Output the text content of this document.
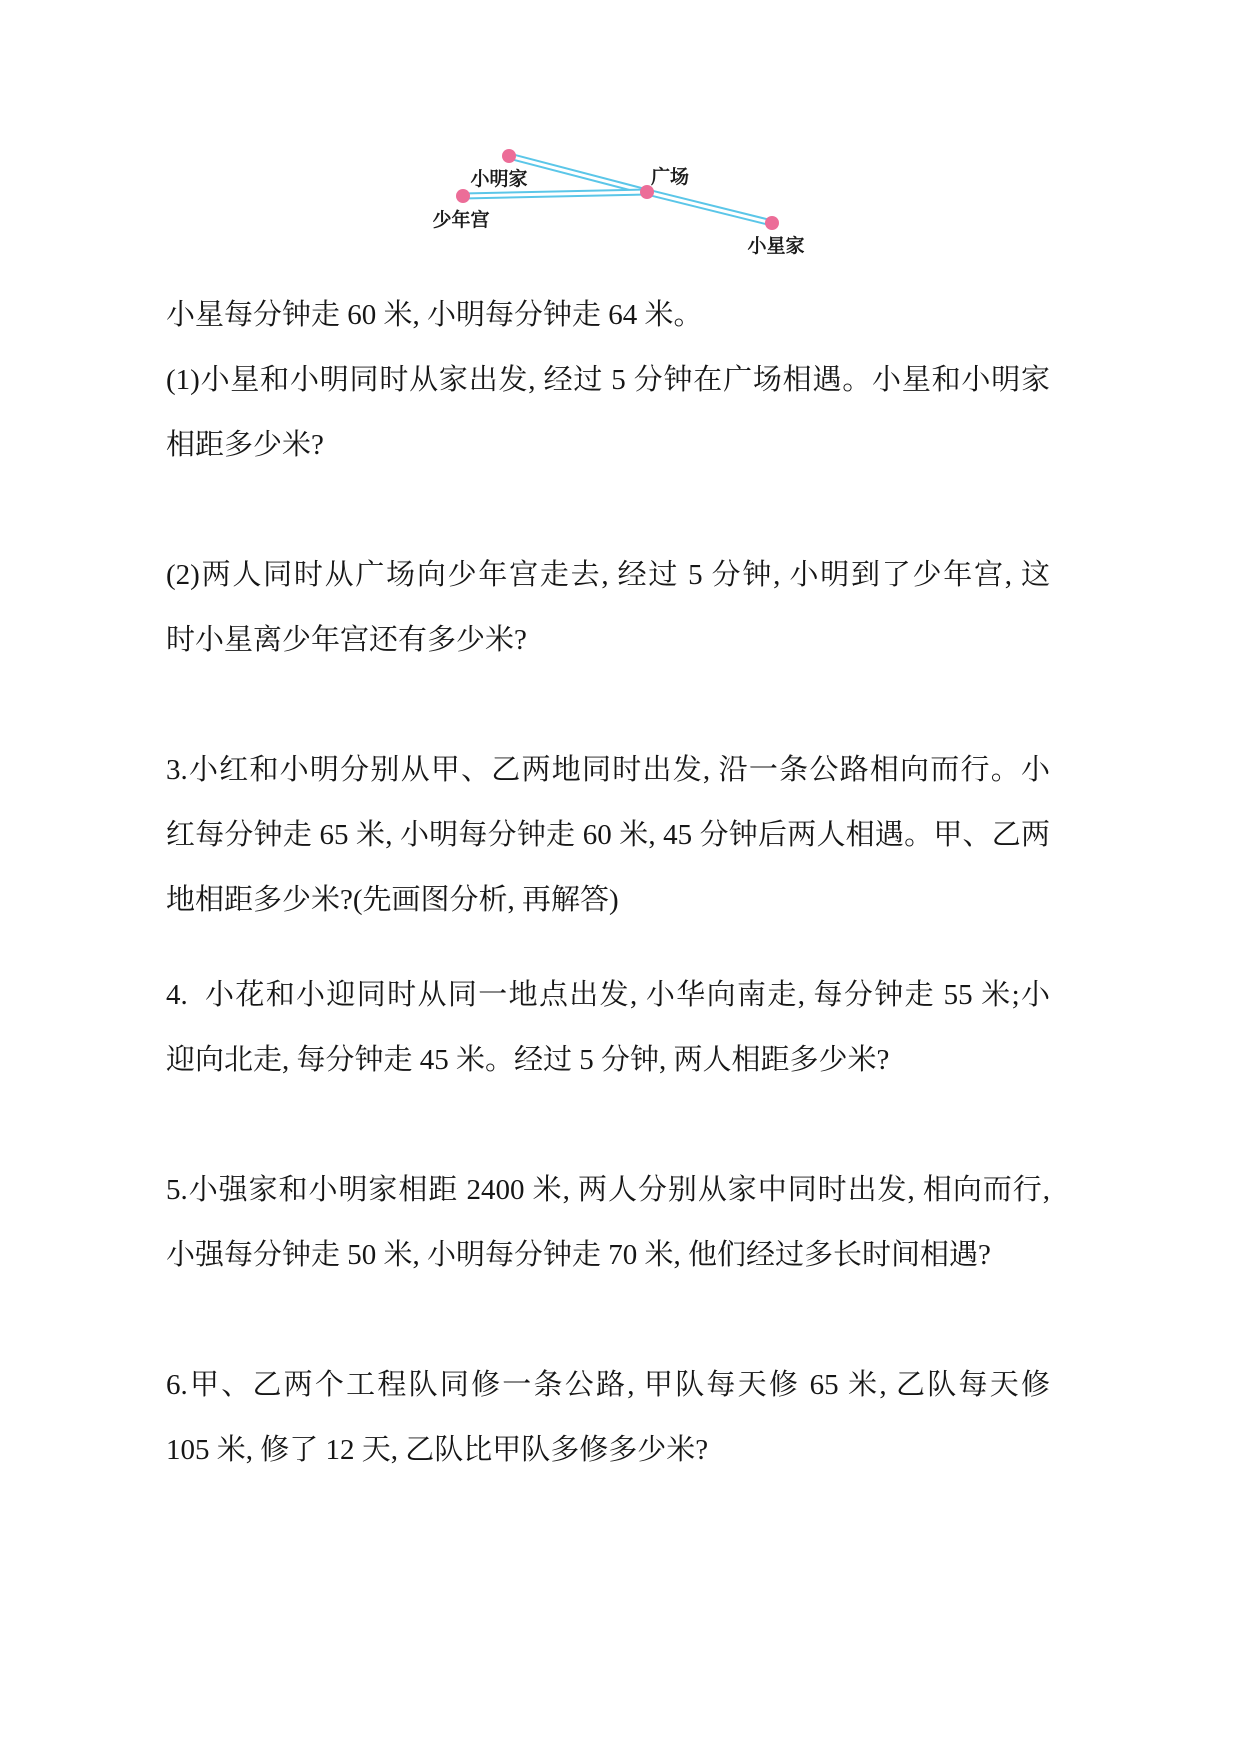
小明家
少年宫
广场
小星家
小星每分钟走 60 米, 小明每分钟走 64 米。
(1)小星和小明同时从家出发, 经过 5 分钟在广场相遇。小星和小明家
相距多少米?
(2)两人同时从广场向少年宫走去, 经过 5 分钟, 小明到了少年宫, 这
时小星离少年宫还有多少米?
3.小红和小明分别从甲、乙两地同时出发, 沿一条公路相向而行。小
红每分钟走 65 米, 小明每分钟走 60 米, 45 分钟后两人相遇。甲、乙两
地相距多少米?(先画图分析, 再解答)
4.  小花和小迎同时从同一地点出发, 小华向南走, 每分钟走 55 米;小
迎向北走, 每分钟走 45 米。经过 5 分钟, 两人相距多少米?
5.小强家和小明家相距 2400 米, 两人分别从家中同时出发, 相向而行,
小强每分钟走 50 米, 小明每分钟走 70 米, 他们经过多长时间相遇?
6.甲、乙两个工程队同修一条公路, 甲队每天修 65 米, 乙队每天修
105 米, 修了 12 天, 乙队比甲队多修多少米?
